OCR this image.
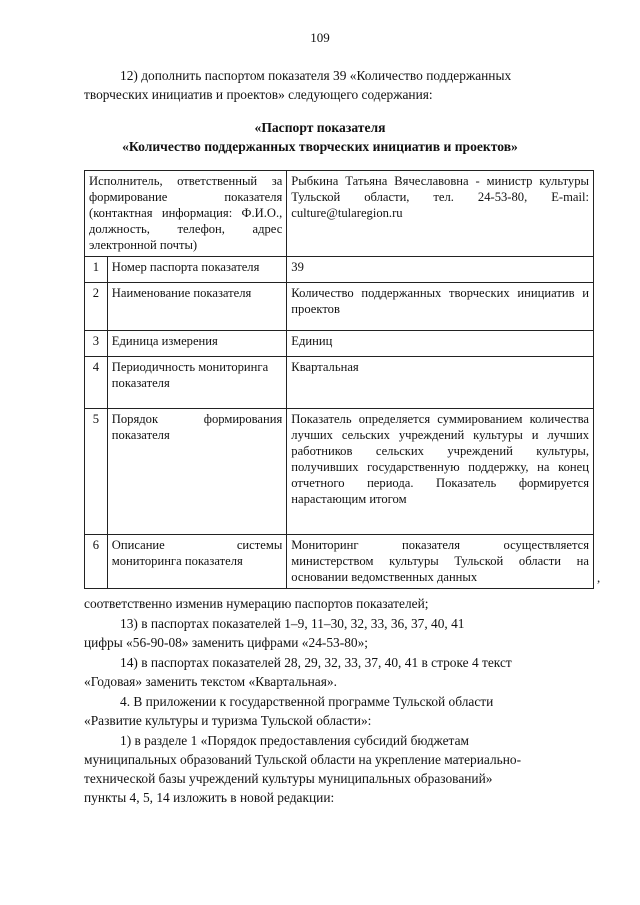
109
12) дополнить паспортом показателя 39 «Количество поддержанных
творческих инициатив и проектов» следующего содержания:
«Паспорт показателя
«Количество поддержанных творческих инициатив и проектов»
Исполнитель, ответственный за формирование показателя (контактная информация: Ф.И.О., должность, телефон, адрес электронной почты)		Рыбкина Татьяна Вячеславовна - министр культуры Тульской области, тел. 24-53-80, E-mail: culture@tularegion.ru
1	Номер паспорта показателя	39
2	Наименование показателя	Количество поддержанных творческих инициатив и проектов
3	Единица измерения	Единиц
4	Периодичность мониторинга показателя	Квартальная
5	Порядок формирования показателя	Показатель определяется суммированием количества лучших сельских учреждений культуры и лучших работников сельских учреждений культуры, получивших государственную поддержку, на конец отчетного периода. Показатель формируется нарастающим итогом
6	Описание системы мониторинга показателя	Мониторинг показателя осуществляется министерством культуры Тульской области на основании ведомственных данных	,
соответственно изменив нумерацию паспортов показателей;
13) в паспортах показателей 1–9, 11–30, 32, 33, 36, 37, 40, 41
цифры «56-90-08» заменить цифрами «24-53-80»;
14) в паспортах показателей 28, 29, 32, 33, 37, 40, 41 в строке 4 текст
«Годовая» заменить текстом «Квартальная».
4. В приложении к государственной программе Тульской области
«Развитие культуры и туризма Тульской области»:
1) в разделе 1 «Порядок предоставления субсидий бюджетам
муниципальных образований Тульской области на укрепление материально-
технической базы учреждений культуры муниципальных образований»
пункты 4, 5, 14 изложить в новой редакции:
